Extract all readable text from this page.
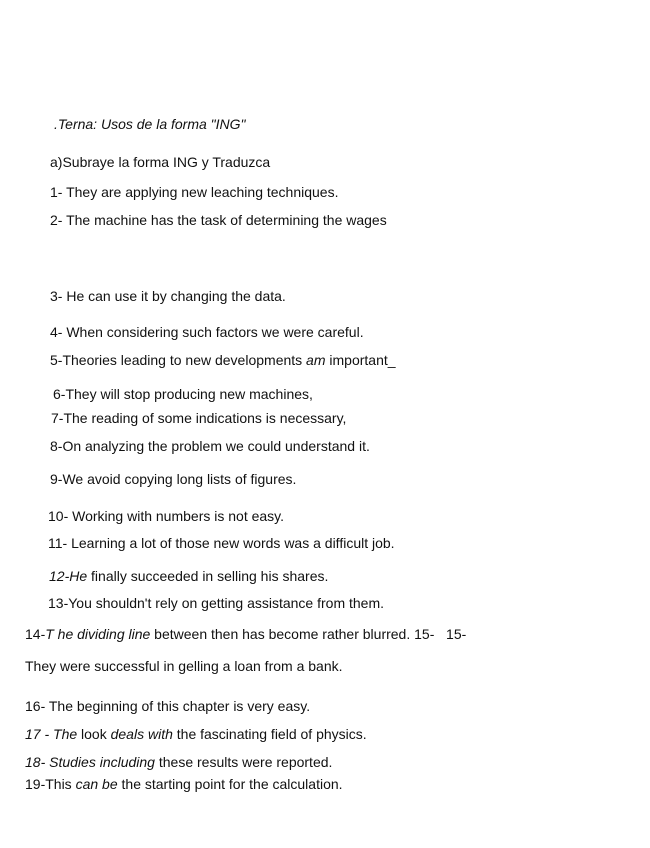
.Terna: Usos de la forma "ING"
a)Subraye la forma ING y Traduzca
1- They are applying new leaching techniques.
2- The machine has the task of determining the wages
3- He can use it by changing the data.
4- When considering such factors we were careful.
5-Theories leading to new developments am important_
6-They will stop producing new machines,
7-The reading of some indications is necessary,
8-On analyzing the problem we could understand it.
9-We avoid copying long lists of figures.
10- Working with numbers is not easy.
11- Learning a lot of those new words was a difficult job.
12-He finally succeeded in selling his shares.
13-You shouldn't rely on getting assistance from them.
14-T he dividing line between then has become rather blurred. 15-   15-
They were successful in gelling a loan from a bank.
16- The beginning of this chapter is very easy.
17 - The look deals with the fascinating field of physics.
18- Studies including these results were reported.
19-This can be the starting point for the calculation.
